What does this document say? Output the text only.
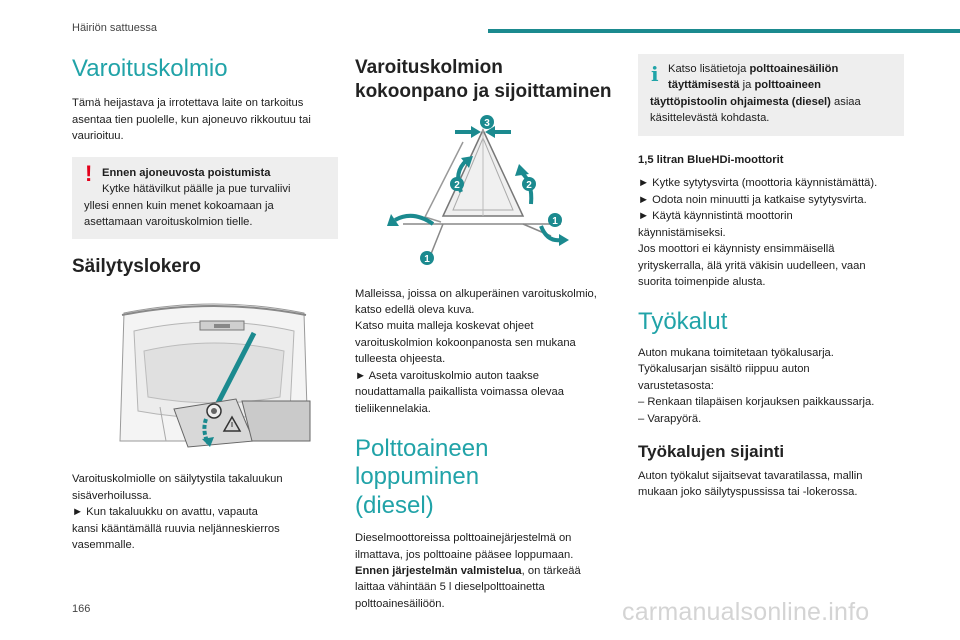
Häiriön sattuessa
Varoituskolmio

Tämä heijastava ja irrotettava laite on tarkoitus

asentaa tien puolelle, kun ajoneuvo rikkoutuu tai

vaurioituu.

! Ennen ajoneuvosta poistumista

Kytke hätävilkut päälle ja pue turvaliivi

yllesi ennen kuin menet kokoamaan ja

asettamaan varoituskolmion tielle.

Säilytyslokero

Varoituskolmiolle on säilytystila takaluukun

sisäverhoilussa.

► Kun takaluukku on avattu, vapauta

kansi kääntämällä ruuvia neljänneskierros

vasemmalle.

Varoituskolmion
kokoonpano ja sijoittaminen
3
2	2
1
1

Malleissa, joissa on alkuperäinen varoituskolmio,

katso edellä oleva kuva.

Katso muita malleja koskevat ohjeet

varoituskolmion kokoonpanosta sen mukana

tulleesta ohjeesta.

► Aseta varoituskolmio auton taakse

noudattamalla paikallista voimassa olevaa

tieliikennelakia.

Polttoaineen loppuminen
(diesel)

Dieselmoottoreissa polttoainejärjestelmä on

ilmattava, jos polttoaine pääsee loppumaan.

Ennen järjestelmän valmistelua, on tärkeää

laittaa vähintään 5 l dieselpolttoainetta

polttoainesäiliöön.

i Katso lisätietoja polttoainesäiliön

täyttämisestä ja polttoaineen

täyttöpistoolin ohjaimesta (diesel) asiaa

käsittelevästä kohdasta.

1,5 litran BlueHDi-moottorit

► Kytke sytytysvirta (moottoria käynnistämättä).

► Odota noin minuutti ja katkaise sytytysvirta.

► Käytä käynnistintä moottorin

käynnistämiseksi.

Jos moottori ei käynnisty ensimmäisellä

yrityskerralla, älä yritä väkisin uudelleen, vaan

suorita toimenpide alusta.

Työkalut

Auton mukana toimitetaan työkalusarja.

Työkalusarjan sisältö riippuu auton

varustetasosta:

– Renkaan tilapäisen korjauksen paikkaussarja.

– Varapyörä.

Työkalujen sijainti

Auton työkalut sijaitsevat tavaratilassa, mallin

mukaan joko säilytyspussissa tai -lokerossa.

166	carmanualsonline.info
